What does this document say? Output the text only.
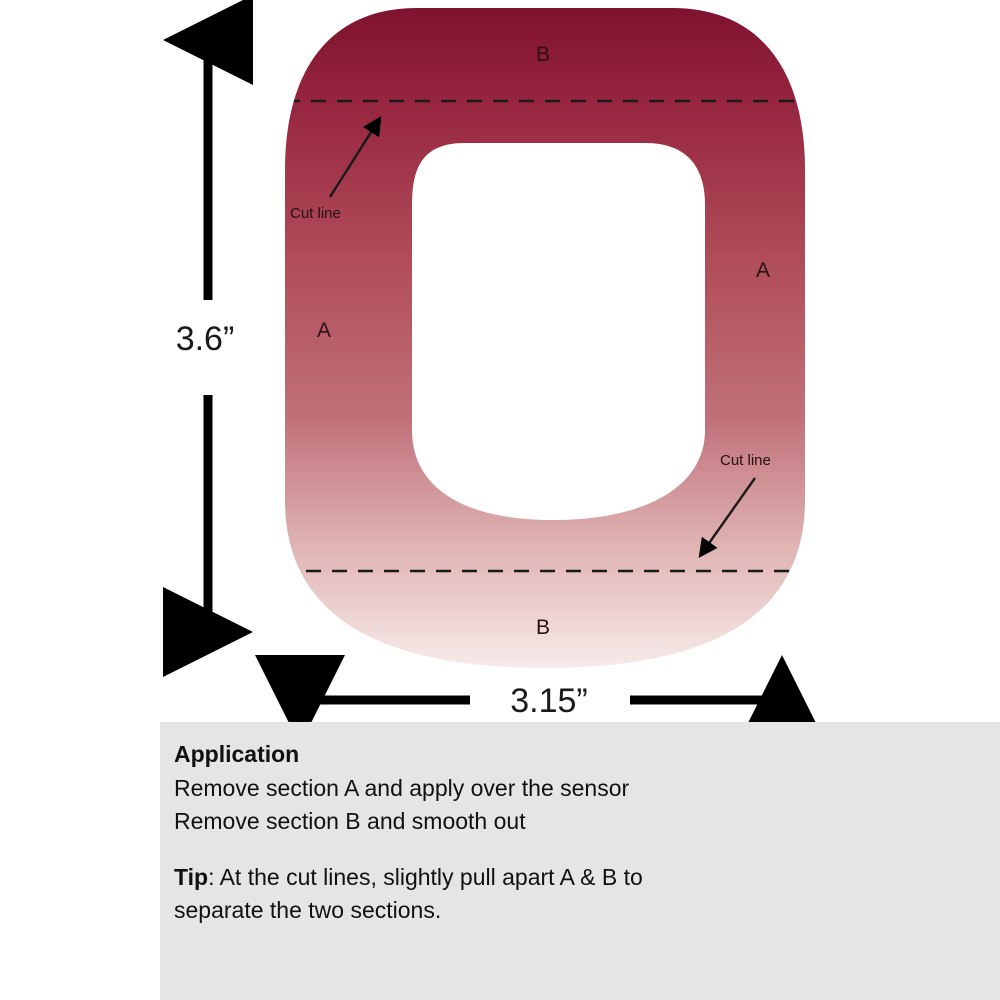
B
B
A
A
Cut line
Cut line
3.6”
3.15”

Application

Remove section A and apply over the sensor

Remove section B and smooth out

Tip: At the cut lines, slightly pull apart A & B to

separate the two sections.
